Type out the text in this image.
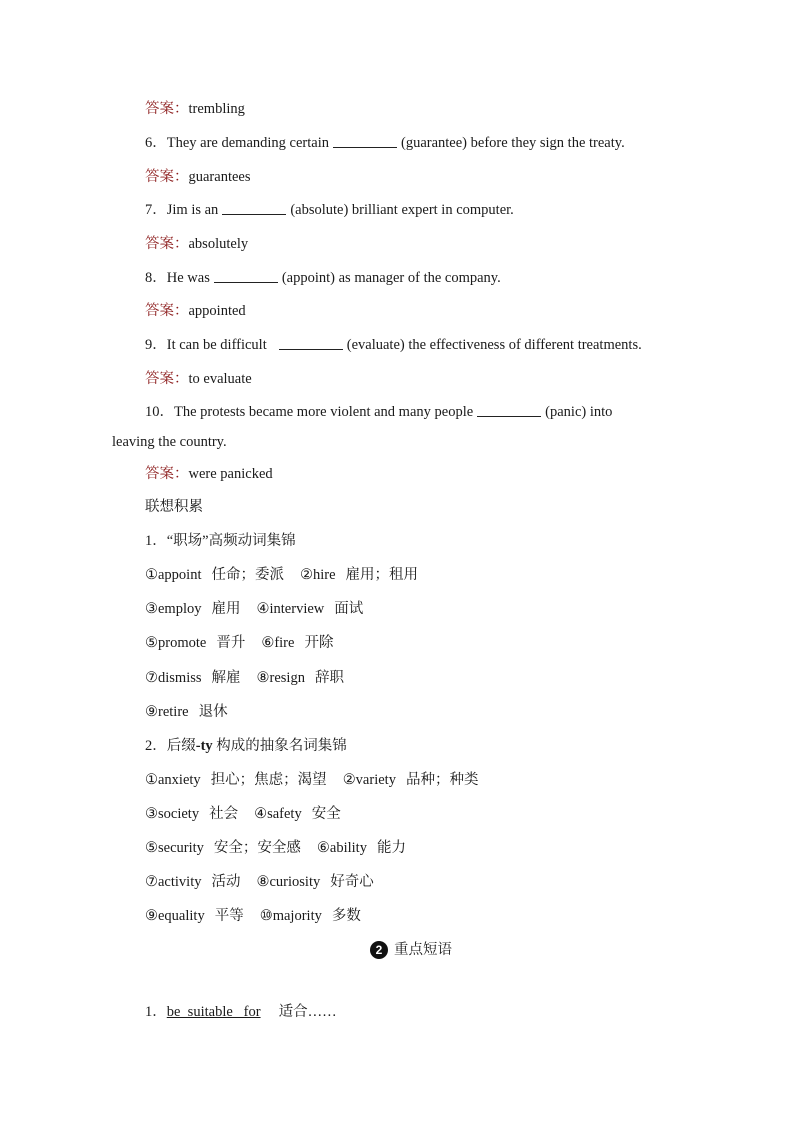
答案：trembling
6．They are demanding certain	(guarantee) before they sign the treaty.
答案：guarantees
7．Jim is an	(absolute) brilliant expert in computer.
答案：absolutely
8．He was	(appoint) as manager of the company.
答案：appointed
9．It can be difficult	(evaluate) the effectiveness of different treatments.
答案：to evaluate
10．The protests became more violent and many people	(panic) into
leaving the country.
答案：were panicked
联想积累
1．“职场”高频动词集锦
①appoint 任命；委派 ②hire 雇用；租用
③employ 雇用 ④interview 面试
⑤promote 晋升 ⑥fire 开除
⑦dismiss 解雇 ⑧resign 辞职
⑨retire 退休
2．后缀-ty 构成的抽象名词集锦
①anxiety 担心；焦虑；渴望 ②variety 品种；种类
③society 社会 ④safety 安全
⑤security 安全；安全感 ⑥ability 能力
⑦activity 活动 ⑧curiosity 好奇心
⑨equality 平等 ⑩majority 多数
2 重点短语
1．be  suitable   for 适合……
